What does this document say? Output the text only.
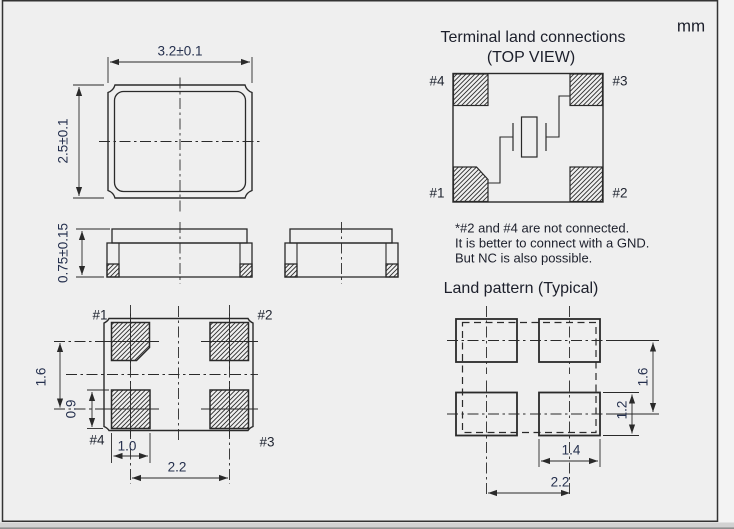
mm
3.2±0.1
2.5±0.1
0.75±0.15
#1	#2
#4	#3
1.6
0.9
1.0
2.2
Terminal land connections
(TOP VIEW)
#4	#3
#1	#2
*#2 and #4 are not connected.
It is better to connect with a GND.
But NC is also possible.
Land pattern (Typical)
1.6
1.2
1.4
2.2
